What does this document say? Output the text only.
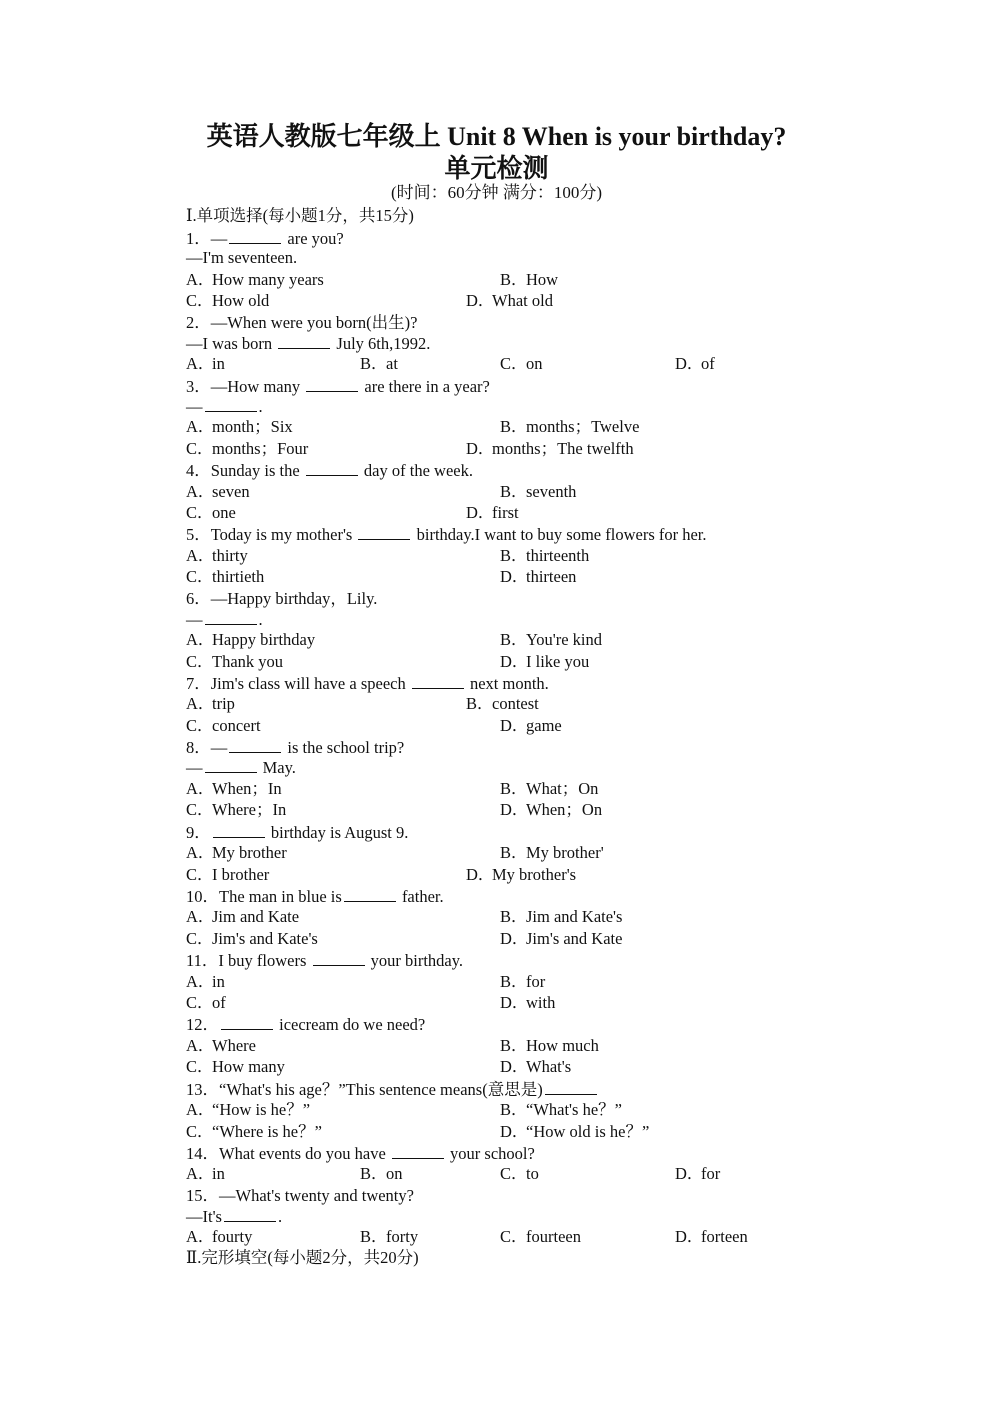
英语人教版七年级上 Unit 8 When is your birthday?
单元检测
(时间：60分钟 满分：100分)
Ⅰ.单项选择(每小题1分，共15分)
1．—	are you?
—I'm seventeen.
A．How many years	B．How
C．How old	D．What old
2．—When were you born(出生)?
—I was born	July 6th,1992.
A．in	B．at	C．on	D．of
3．—How many	are there in a year?
—	.
A．month；Six	B．months；Twelve
C．months；Four	D．months；The twelfth
4．Sunday is the	day of the week.
A．seven	B．seventh
C．one	D．first
5．Today is my mother's	birthday.I want to buy some flowers for her.
A．thirty	B．thirteenth
C．thirtieth	D．thirteen
6．—Happy birthday，Lily.
—	.
A．Happy birthday	B．You're kind
C．Thank you	D．I like you
7．Jim's class will have a speech	next month.
A．trip	B．contest
C．concert	D．game
8．—	is the school trip?
—	May.
A．When；In	B．What；On
C．Where；In	D．When；On
9．	birthday is August 9.
A．My brother	B．My brother'
C．I brother	D．My brother's
10．The man in blue is	father.
A．Jim and Kate	B．Jim and Kate's
C．Jim's and Kate's	D．Jim's and Kate
11．I buy flowers	your birthday.
A．in	B．for
C．of	D．with
12．	icecream do we need?
A．Where	B．How much
C．How many	D．What's
13．“What's his age？”This sentence means(意思是)
A．“How is he？”	B．“What's he？”
C．“Where is he？”	D．“How old is he？”
14．What events do you have	your school?
A．in	B．on	C．to	D．for
15．—What's twenty and twenty?
—It's	.
A．fourty	B．forty	C．fourteen	D．forteen
Ⅱ.完形填空(每小题2分，共20分)
